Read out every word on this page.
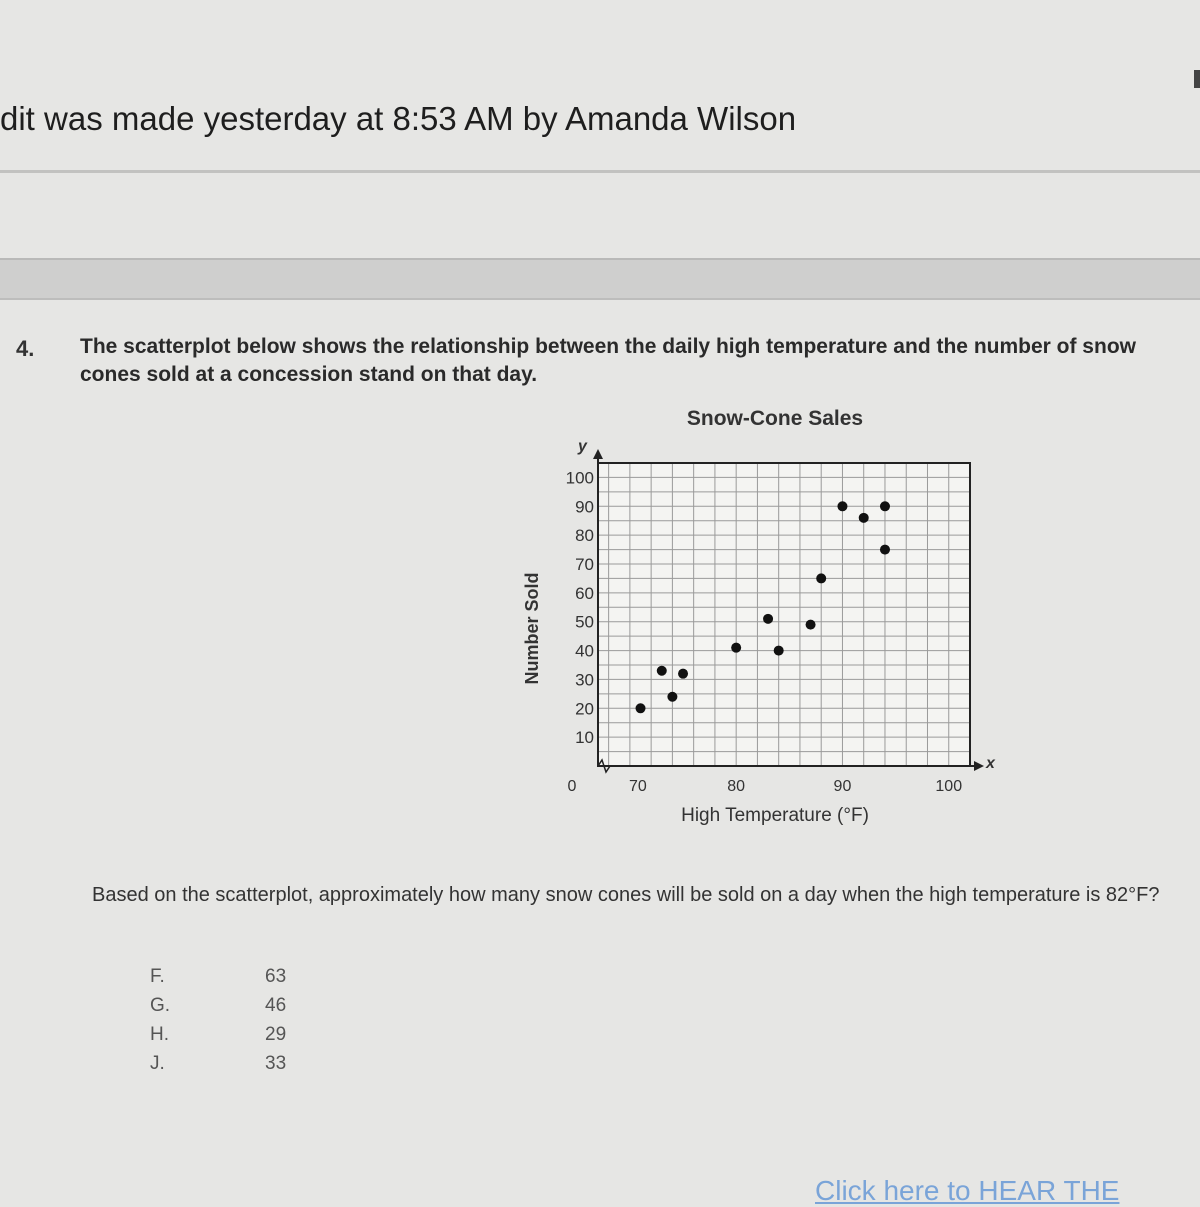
dit was made yesterday at 8:53 AM by Amanda Wilson
4. The scatterplot below shows the relationship between the daily high temperature and the number of snow cones sold at a concession stand on that day.
Snow-Cone Sales
y
x
10
20
30
40
50
60
70
80
90
100
70	80	90	100
0
High Temperature (°F)
Number Sold
Based on the scatterplot, approximately how many snow cones will be sold on a day when the high temperature is 82°F?
F.	63
G.	46
H.	29
J.	33
Click here to HEAR THE
